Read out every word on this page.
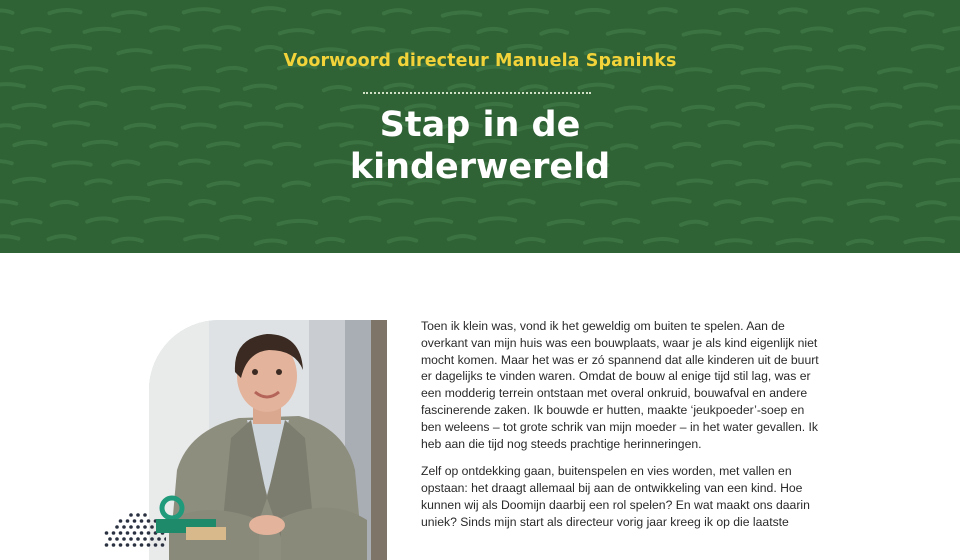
Voorwoord directeur Manuela Spaninks
Stap in de
kinderwereld

Toen ik klein was, vond ik het geweldig om buiten te spelen. Aan de overkant van mijn huis was een bouwplaats, waar je als kind eigenlijk niet mocht komen. Maar het was er zó spannend dat alle kinderen uit de buurt er dagelijks te vinden waren. Omdat de bouw al enige tijd stil lag, was er een modderig terrein ontstaan met overal onkruid, bouwafval en andere fascinerende zaken. Ik bouwde er hutten, maakte ‘jeukpoeder’-soep en ben weleens – tot grote schrik van mijn moeder – in het water gevallen. Ik heb aan die tijd nog steeds prachtige herinneringen.

Zelf op ontdekking gaan, buitenspelen en vies worden, met vallen en opstaan: het draagt allemaal bij aan de ontwikkeling van een kind. Hoe kunnen wij als Doomijn daarbij een rol spelen? En wat maakt ons daarin uniek? Sinds mijn start als directeur vorig jaar kreeg ik op die laatste
